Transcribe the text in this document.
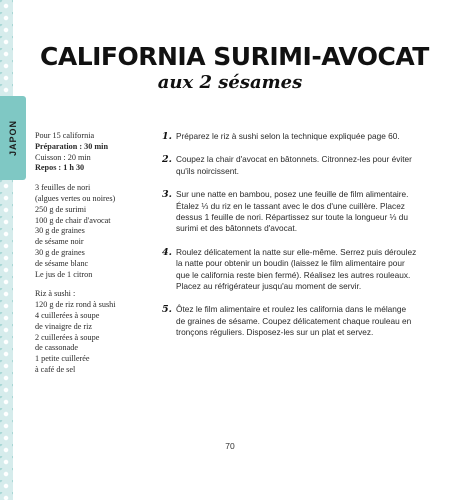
JAPON
CALIFORNIA SURIMI-AVOCAT
aux 2 sésames
Pour 15 california
Préparation : 30 min
Cuisson : 20 min
Repos : 1 h 30
3 feuilles de nori
(algues vertes ou noires)
250 g de surimi
100 g de chair d'avocat
30 g de graines
de sésame noir
30 g de graines
de sésame blanc
Le jus de 1 citron
Riz à sushi :
120 g de riz rond à sushi
4 cuillerées à soupe
de vinaigre de riz
2 cuillerées à soupe
de cassonade
1 petite cuillerée
à café de sel
1. Préparez le riz à sushi selon la technique expliquée page 60.
2. Coupez la chair d'avocat en bâtonnets. Citronnez-les pour éviter qu'ils noircissent.
3. Sur une natte en bambou, posez une feuille de film alimentaire. Étalez ⅓ du riz en le tassant avec le dos d'une cuillère. Placez dessus 1 feuille de nori. Répartissez sur toute la longueur ⅓ du surimi et des bâtonnets d'avocat.
4. Roulez délicatement la natte sur elle-même. Serrez puis déroulez la natte pour obtenir un boudin (laissez le film alimentaire pour que le california reste bien fermé). Réalisez les autres rouleaux. Placez au réfrigérateur jusqu'au moment de servir.
5. Ôtez le film alimentaire et roulez les california dans le mélange de graines de sésame. Coupez délicatement chaque rouleau en tronçons réguliers. Disposez-les sur un plat et servez.
70
